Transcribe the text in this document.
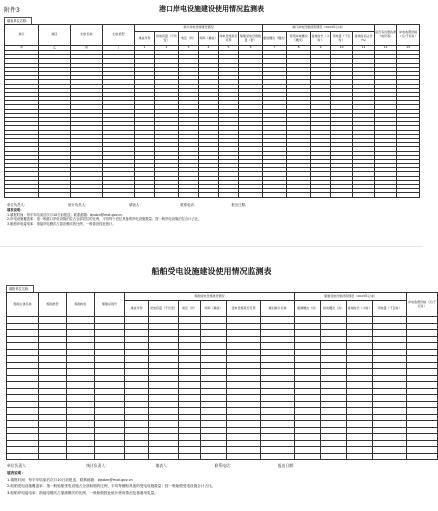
附件3	港口岸电设施建设使用情况监测表
填表单位名称：
港口	港区	泊位名称	泊位类型	港口岸电设施建设情况						港口岸电设施使用情况（2023年以来）					是否有优惠政策（电价等）	岸电收费价格（元/千瓦时）
				建成年份	供电容量（千伏安）	电压（伏）	频率（赫兹）	岸电设施是否可用	船舶受电设施数量（套）	靠泊艘次（艘次）	使用岸电艘次（艘次）	接电时长（小时）	用电量（千瓦时）	接电时间占比（%）		
甲	乙	丙	丁	1	2	3	4	5	6	7	8	9	10	11	12	13

单位负责人：	统计负责人：	填表人：	联系电话：	报出日期：
填表说明：
1.填报时间：每半年结束后次月10日前报送；联系邮箱：bjsdzn@mot.gov.cn
2.岸电设施覆盖率：指一般港口岸电设施泊位占全部泊位的比例，平均每个泊位具备的岸电设施数量；按一般岸电设施泊位合计占比。
3.船舶岸电接电率：指接岸电艘次占靠泊艘次的比例，一般靠泊按此统计。
船舶受电设施建设使用情况监测表
填报单位名称：
船舶主体名称	船舶类型	船舶吨位	船舶识别号	船舶受电设施建设情况						船舶受电设施使用情况（2023年以来）				岸电收费价格（元/千瓦时）
				建成年份	受电容量（千伏安）	电压（伏）	频率（赫兹）	受电设施是否可用	靠泊港口名称	靠港艘次（次）	接电艘次（次）	接电时长（小时）	用电量（千瓦时）	

单位负责人：	统计负责人：	填表人：	联系电话：	报出日期：
填表说明：
1.填报时间：每半年结束后次月10日前报送；联系邮箱：bjsdzn@mot.gov.cn
2.船舶受电设施覆盖率：指一般船舶受电设施占全部船舶的比例，平均每艘船具备的受电设施数量；按一般船舶受电设施合计占比。
3.船舶岸电接电率：指接电艘次占靠港艘次的比例，一般船舶按此统计使用情况及靠港用电量。
